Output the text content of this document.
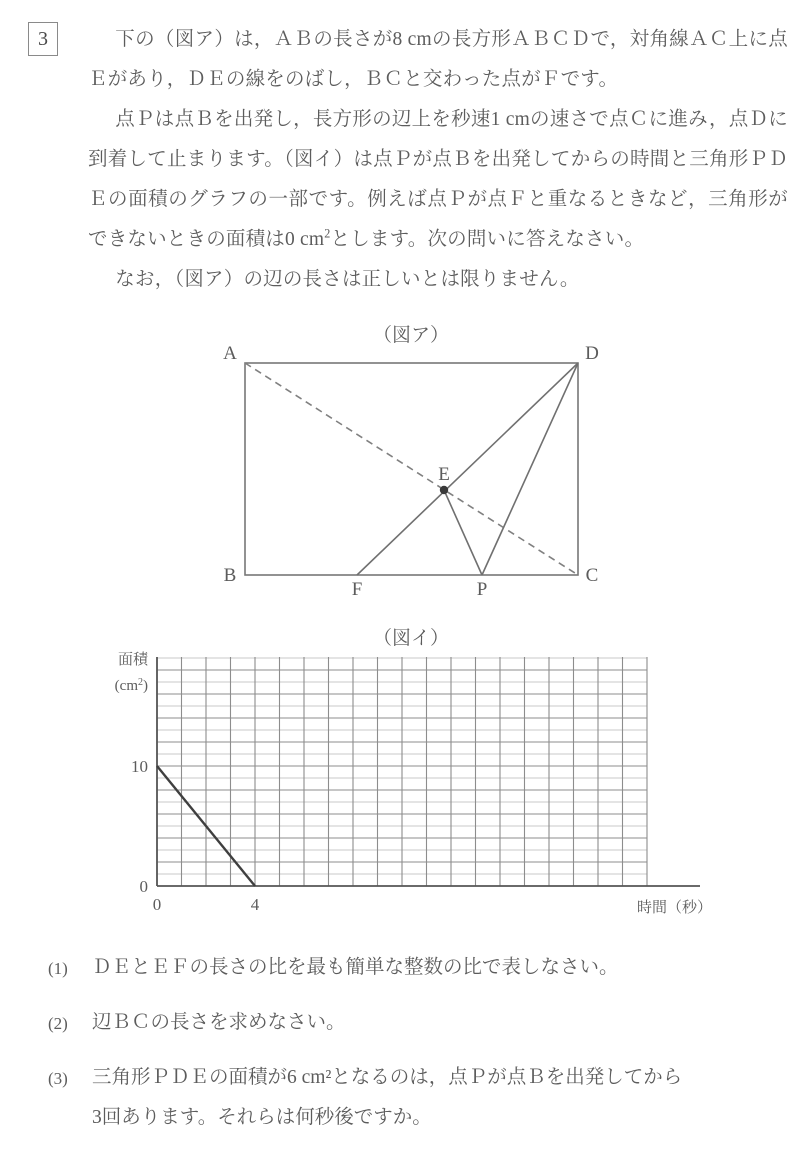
3	下の（図ア）は，ＡＢの長さが8 cmの長方形ＡＢＣＤで，対角線ＡＣ上に点Ｅがあり，ＤＥの線をのばし，ＢＣと交わった点がＦです。

点Ｐは点Ｂを出発し，長方形の辺上を秒速1 cmの速さで点Ｃに進み，点Ｄに到着して止まります。（図イ）は点Ｐが点Ｂを出発してからの時間と三角形ＰＤＥの面積のグラフの一部です。例えば点Ｐが点Ｆと重なるときなど，三角形ができないときの面積は0 $cm^2$とします。次の問いに答えなさい。

なお，（図ア）の辺の長さは正しいとは限りません。

（図ア）
A	D
B	C
E
F	P
（図イ）
面積
$(cm^2)$
10
0
0	4	時間（秒）
(1)	ＤＥとＥＦの長さの比を最も簡単な整数の比で表しなさい。
(2)	辺ＢＣの長さを求めなさい。
(3)	三角形ＰＤＥの面積が6 cm²となるのは，点Ｐが点Ｂを出発してから
3回あります。それらは何秒後ですか。
